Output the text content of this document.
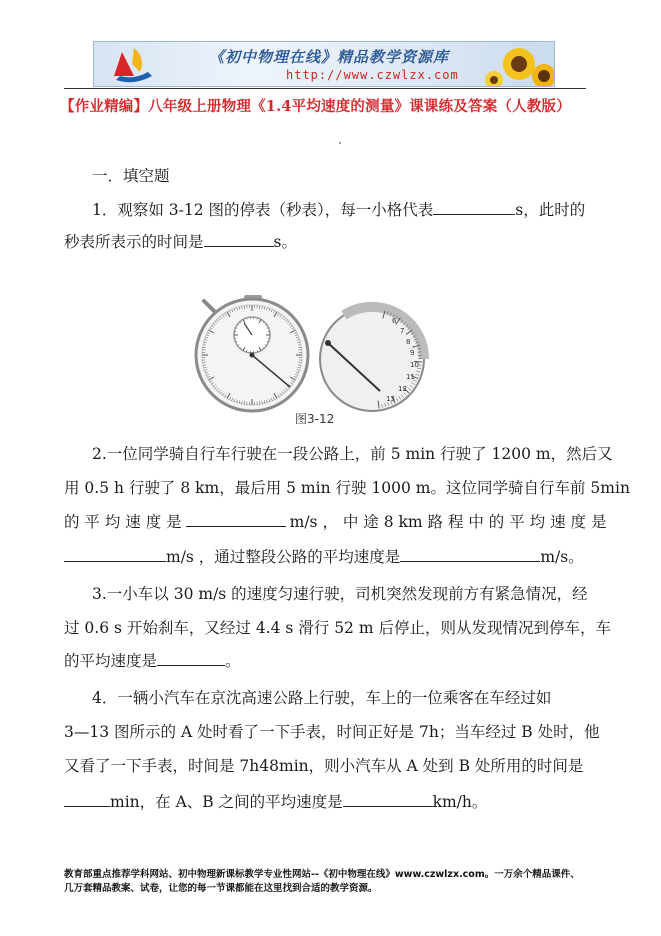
《初中物理在线》精品教学资源库
http://www.czwlzx.com
【作业精编】八年级上册物理《1.4平均速度的测量》课课练及答案（人教版）
一．填空题
1．观察如 3-12 图的停表（秒表），每一小格代表	s，此时的
秒表所表示的时间是	s。
6
7
8
9
10
11
12
13
图3-12
2.一位同学骑自行车行驶在一段公路上，前 5 min 行驶了 1200 m，然后又
用 0.5 h 行驶了 8 km，最后用 5 min 行驶 1000 m。这位同学骑自行车前 5min
的 平 均 速 度 是	m/s ， 中 途 8 km 路 程 中 的 平 均 速 度 是
m/s ，通过整段公路的平均速度是	m/s。
3.一小车以 30 m/s 的速度匀速行驶，司机突然发现前方有紧急情况，经
过 0.6 s 开始刹车，又经过 4.4 s 滑行 52 m 后停止，则从发现情况到停车，车
的平均速度是	。
4．一辆小汽车在京沈高速公路上行驶，车上的一位乘客在车经过如
3—13 图所示的 A 处时看了一下手表，时间正好是 7h；当车经过 B 处时，他
又看了一下手表，时间是 7h48min，则小汽车从 A 处到 B 处所用的时间是
min，在 A、B 之间的平均速度是	km/h。
教育部重点推荐学科网站、初中物理新课标教学专业性网站--《初中物理在线》www.czwlzx.com。一万余个精品课件、
几万套精品教案、试卷，让您的每一节课都能在这里找到合适的教学资源。
